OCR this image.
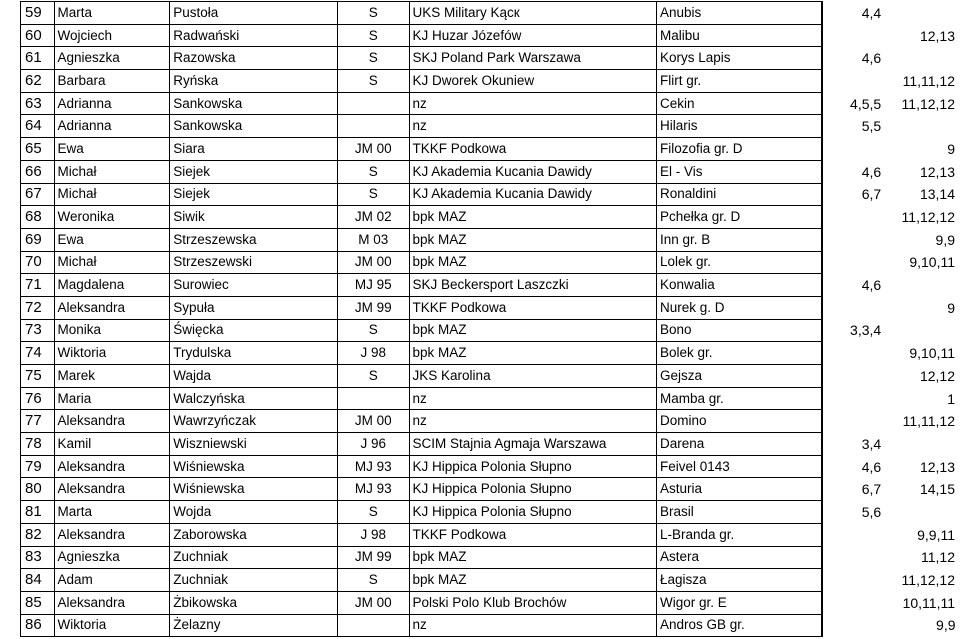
59	Marta	Pustoła	S	UKS Military Kącк	Anubis	4,4	
60	Wojciech	Radwański	S	KJ Huzar Józefów	Malibu		12,13
61	Agnieszka	Razowska	S	SKJ Poland Park Warszawa	Korys Lapis	4,6	
62	Barbara	Ryńska	S	KJ Dworek Okuniew	Flirt gr.		11,11,12
63	Adrianna	Sankowska		nz	Cekin	4,5,5	11,12,12
64	Adrianna	Sankowska		nz	Hilaris	5,5	
65	Ewa	Siara	JM 00	TKKF Podkowa	Filozofia gr. D		9
66	Michał	Siejek	S	KJ Akademia Kucania Dawidy	El - Vis	4,6	12,13
67	Michał	Siejek	S	KJ Akademia Kucania Dawidy	Ronaldini	6,7	13,14
68	Weronika	Siwik	JM 02	bpk MAZ	Pchełka gr. D		11,12,12
69	Ewa	Strzeszewska	M 03	bpk MAZ	Inn gr. B		9,9
70	Michał	Strzeszewski	JM 00	bpk MAZ	Lolek gr.		9,10,11
71	Magdalena	Surowiec	MJ 95	SKJ Beckersport Laszczki	Konwalia	4,6	
72	Aleksandra	Sypuła	JM 99	TKKF Podkowa	Nurek g. D		9
73	Monika	Święcka	S	bpk MAZ	Bono	3,3,4	
74	Wiktoria	Trydulska	J 98	bpk MAZ	Bolek gr.		9,10,11
75	Marek	Wajda	S	JKS Karolina	Gejsza		12,12
76	Maria	Walczyńska		nz	Mamba gr.		1
77	Aleksandra	Wawrzyńczak	JM 00	nz	Domino		11,11,12
78	Kamil	Wiszniewski	J 96	SCIM Stajnia Agmaja Warszawa	Darena	3,4	
79	Aleksandra	Wiśniewska	MJ 93	KJ Hippica Polonia Słupno	Feivel 0143	4,6	12,13
80	Aleksandra	Wiśniewska	MJ 93	KJ Hippica Polonia Słupno	Asturia	6,7	14,15
81	Marta	Wojda	S	KJ Hippica Polonia Słupno	Brasil	5,6	
82	Aleksandra	Zaborowska	J 98	TKKF Podkowa	L-Branda gr.		9,9,11
83	Agnieszka	Zuchniak	JM 99	bpk MAZ	Astera		11,12
84	Adam	Zuchniak	S	bpk MAZ	Łagisza		11,12,12
85	Aleksandra	Żbikowska	JM 00	Polski Polo Klub Brochów	Wigor gr. E		10,11,11
86	Wiktoria	Żelazny		nz	Andros GB gr.		9,9
